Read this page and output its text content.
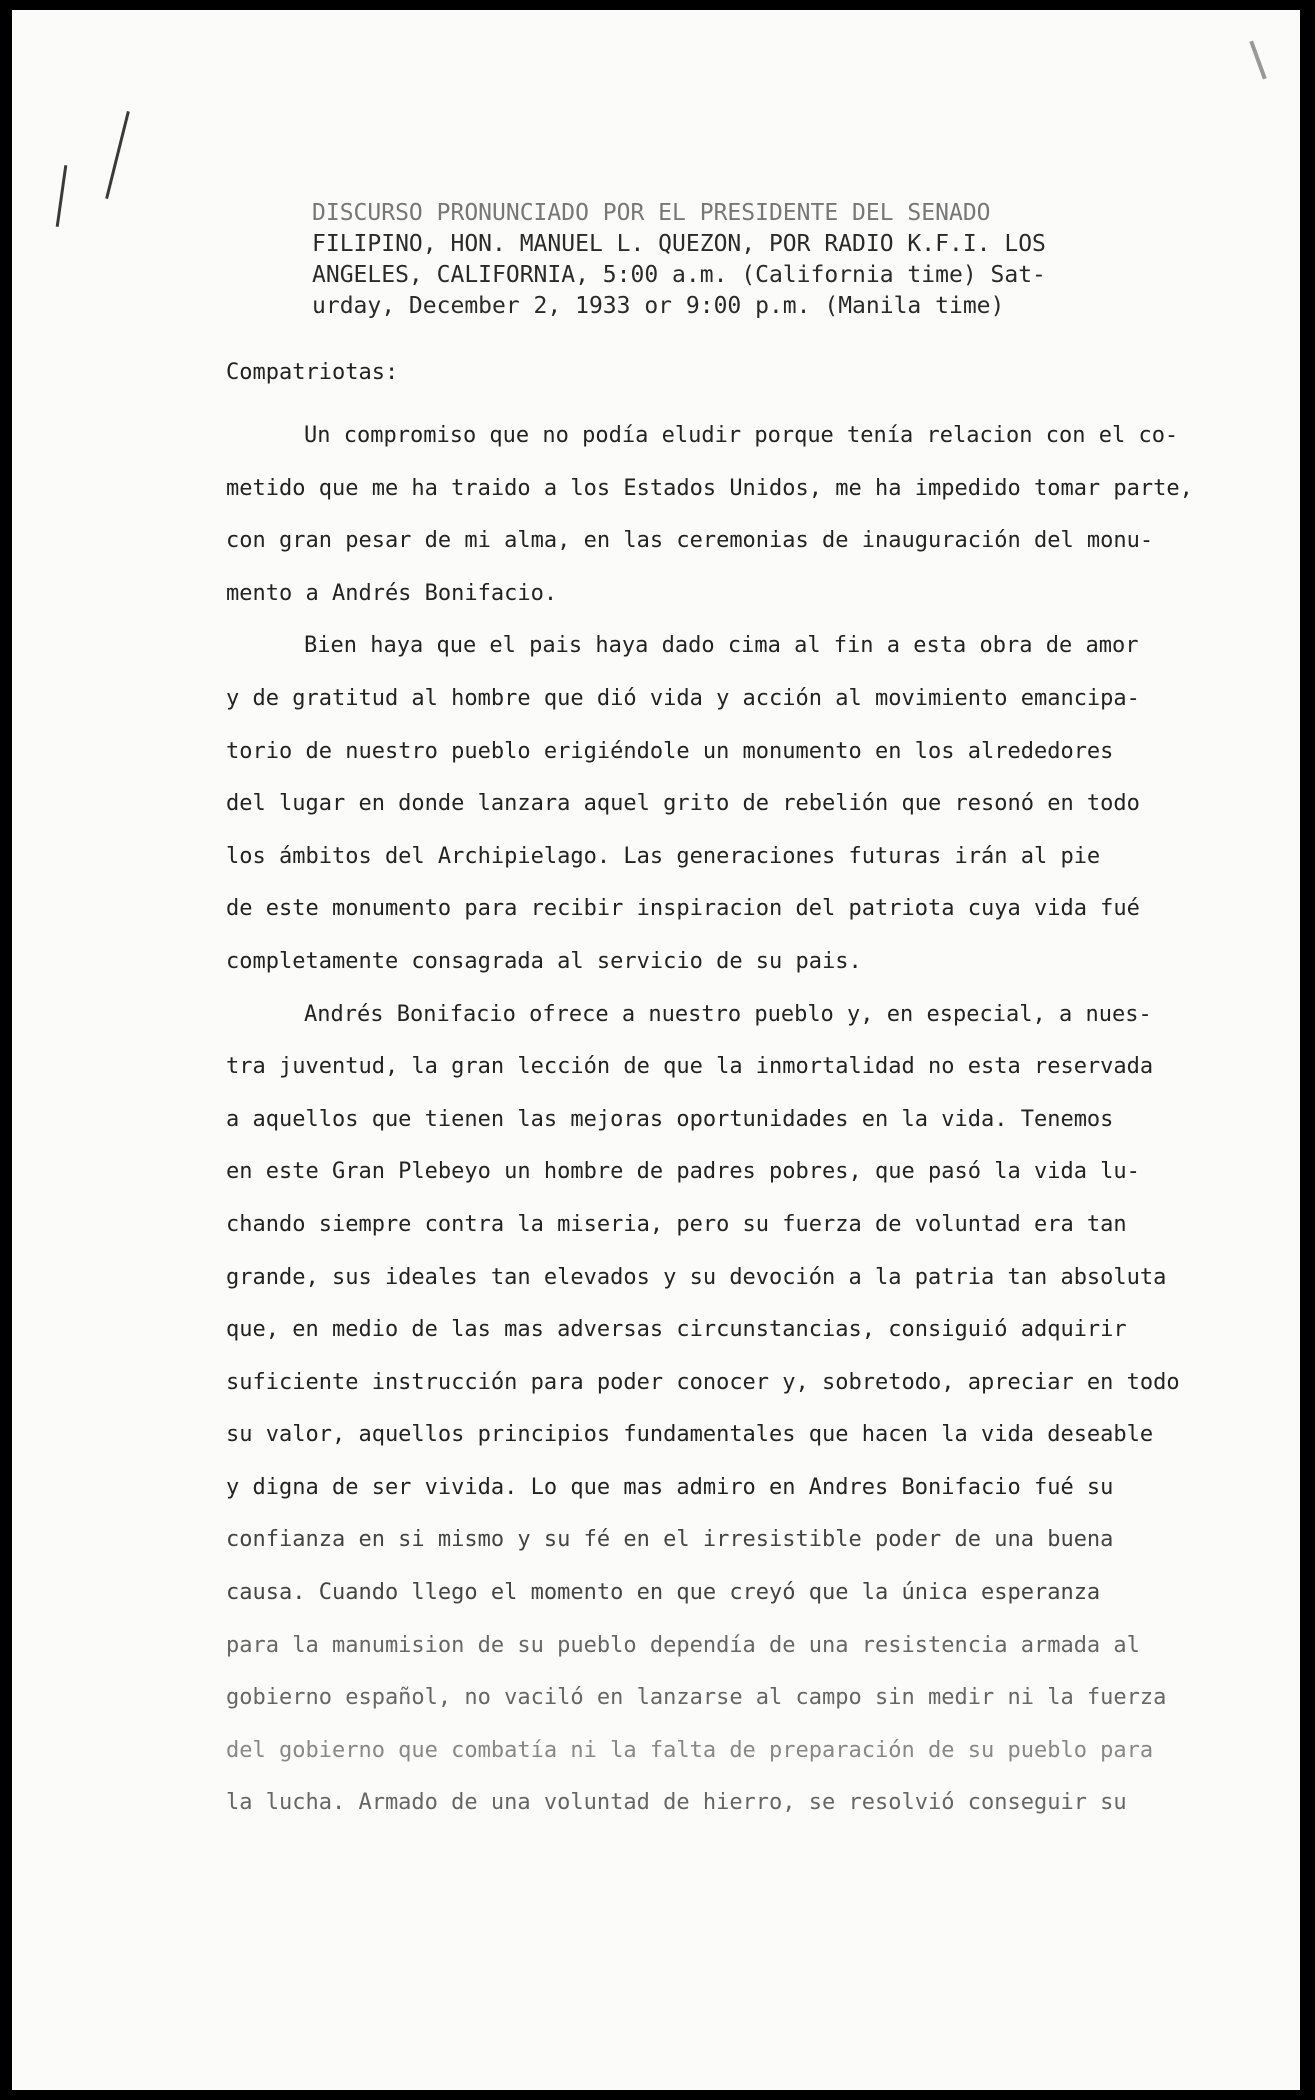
DISCURSO PRONUNCIADO POR EL PRESIDENTE DEL SENADO
FILIPINO, HON. MANUEL L. QUEZON, POR RADIO K.F.I. LOS
ANGELES, CALIFORNIA, 5:00 a.m. (California time) Sat-
urday, December 2, 1933 or 9:00 p.m. (Manila time)
Compatriotas:
Un compromiso que no podía eludir porque tenía relacion con el co-
metido que me ha traido a los Estados Unidos, me ha impedido tomar parte,
con gran pesar de mi alma, en las ceremonias de inauguración del monu-
mento a Andrés Bonifacio.
Bien haya que el pais haya dado cima al fin a esta obra de amor
y de gratitud al hombre que dió vida y acción al movimiento emancipa-
torio de nuestro pueblo erigiéndole un monumento en los alrededores
del lugar en donde lanzara aquel grito de rebelión que resonó en todo
los ámbitos del Archipielago. Las generaciones futuras irán al pie
de este monumento para recibir inspiracion del patriota cuya vida fué
completamente consagrada al servicio de su pais.
Andrés Bonifacio ofrece a nuestro pueblo y, en especial, a nues-
tra juventud, la gran lección de que la inmortalidad no esta reservada
a aquellos que tienen las mejoras oportunidades en la vida. Tenemos
en este Gran Plebeyo un hombre de padres pobres, que pasó la vida lu-
chando siempre contra la miseria, pero su fuerza de voluntad era tan
grande, sus ideales tan elevados y su devoción a la patria tan absoluta
que, en medio de las mas adversas circunstancias, consiguió adquirir
suficiente instrucción para poder conocer y, sobretodo, apreciar en todo
su valor, aquellos principios fundamentales que hacen la vida deseable
y digna de ser vivida. Lo que mas admiro en Andres Bonifacio fué su
confianza en si mismo y su fé en el irresistible poder de una buena
causa. Cuando llego el momento en que creyó que la única esperanza
para la manumision de su pueblo dependía de una resistencia armada al
gobierno español, no vaciló en lanzarse al campo sin medir ni la fuerza
del gobierno que combatía ni la falta de preparación de su pueblo para
la lucha. Armado de una voluntad de hierro, se resolvió conseguir su
